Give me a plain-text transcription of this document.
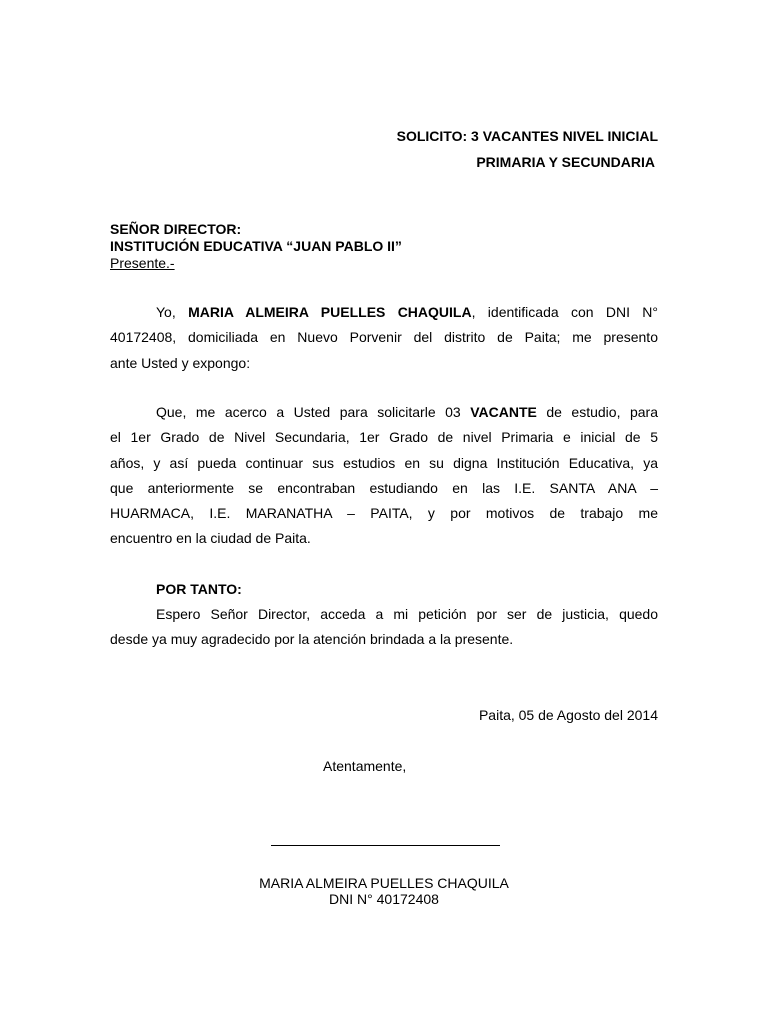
SOLICITO: 3 VACANTES NIVEL INICIAL

PRIMARIA Y SECUNDARIA

SEÑOR DIRECTOR:

INSTITUCIÓN EDUCATIVA “JUAN PABLO II”

Presente.-

Yo, MARIA ALMEIRA PUELLES CHAQUILA, identificada con DNI N°
40172408, domiciliada en Nuevo Porvenir del distrito de Paita; me presento
ante Usted y expongo:
Que, me acerco a Usted para solicitarle 03 VACANTE de estudio, para
el 1er Grado de Nivel Secundaria, 1er Grado de nivel Primaria e inicial de 5
años, y así pueda continuar sus estudios en su digna Institución Educativa, ya
que anteriormente se encontraban estudiando en las I.E. SANTA ANA –
HUARMACA, I.E. MARANATHA – PAITA, y por motivos de trabajo me
encuentro en la ciudad de Paita.

POR TANTO:

Espero Señor Director, acceda a mi petición por ser de justicia, quedo
desde ya muy agradecido por la atención brindada a la presente.

Paita, 05 de Agosto del 2014

Atentamente,

MARIA ALMEIRA PUELLES CHAQUILA

DNI N° 40172408
